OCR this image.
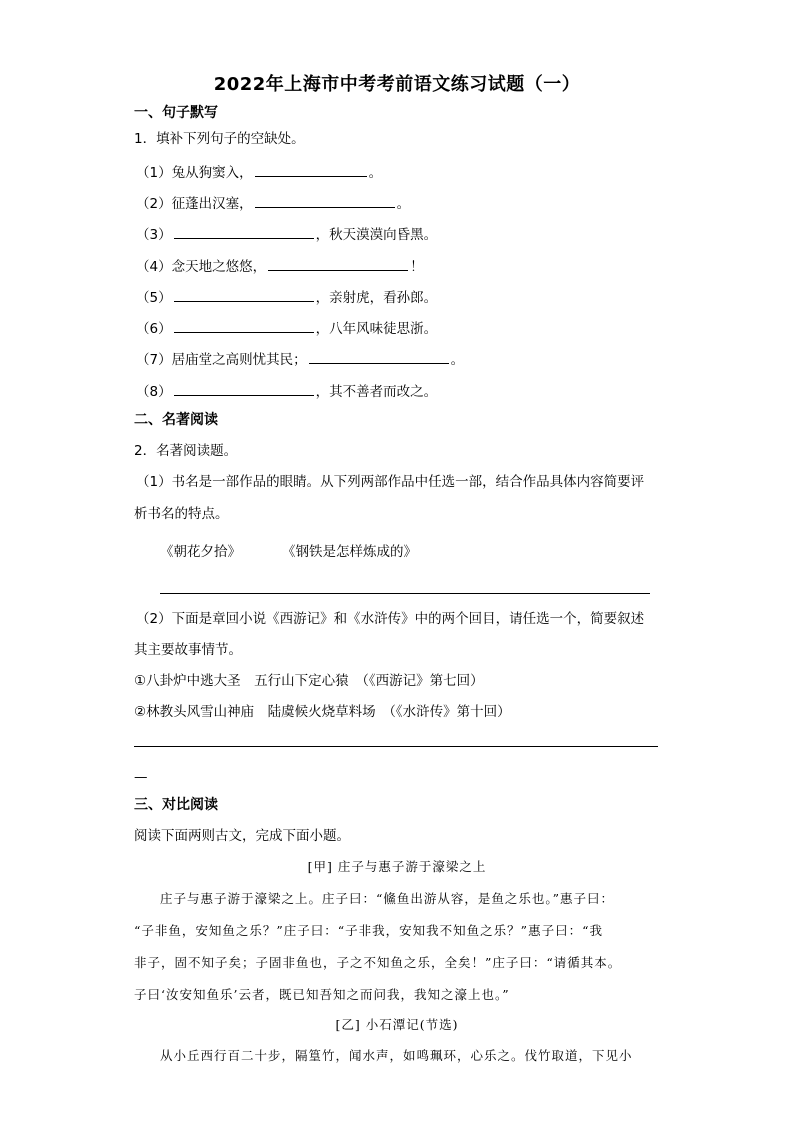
2022年上海市中考考前语文练习试题（一）
一、句子默写
1．填补下列句子的空缺处。
（1）兔从狗窦入，	。
（2）征蓬出汉塞，	。
（3）	，秋天漠漠向昏黑。
（4）念天地之悠悠，	！
（5）	，亲射虎，看孙郎。
（6）	，八年风味徒思浙。
（7）居庙堂之高则忧其民；	。
（8）	，其不善者而改之。
二、名著阅读
2．名著阅读题。
（1）书名是一部作品的眼睛。从下列两部作品中任选一部，结合作品具体内容简要评
析书名的特点。
《朝花夕拾》	《钢铁是怎样炼成的》
（2）下面是章回小说《西游记》和《水浒传》中的两个回目，请任选一个，简要叙述
其主要故事情节。
①八卦炉中逃大圣　五行山下定心猿　（《西游记》第七回）
②林教头风雪山神庙　陆虞候火烧草料场　（《水浒传》第十回）
—
三、对比阅读
阅读下面两则古文，完成下面小题。
[甲] 庄子与惠子游于濠梁之上
庄子与惠子游于濠梁之上。庄子曰：“鯈鱼出游从容，是鱼之乐也。”惠子曰：
“子非鱼，安知鱼之乐？”庄子曰：“子非我，安知我不知鱼之乐？”惠子曰：“我
非子，固不知子矣；子固非鱼也，子之不知鱼之乐，全矣！”庄子曰：“请循其本。
子曰‘汝安知鱼乐’云者，既已知吾知之而问我，我知之濠上也。”
[乙] 小石潭记(节选)
从小丘西行百二十步，隔篁竹，闻水声，如鸣珮环，心乐之。伐竹取道，下见小
